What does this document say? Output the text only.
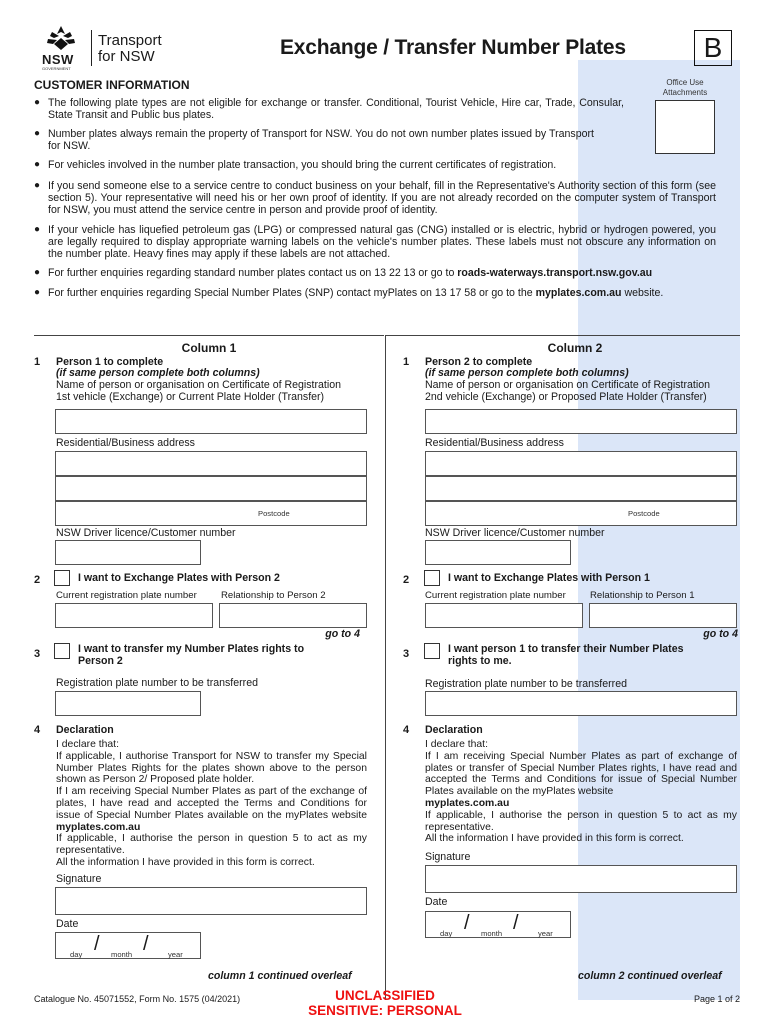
NSW
GOVERNMENT
Transport
for NSW	Exchange / Transfer Number Plates	B
CUSTOMER INFORMATION	Office Use
Attachments
● The following plate types are not eligible for exchange or transfer. Conditional, Tourist Vehicle, Hire car, Trade, Consular, State Transit and Public bus plates.
● Number plates always remain the property of Transport for NSW. You do not own number plates issued by Transport for NSW.
● For vehicles involved in the number plate transaction, you should bring the current certificates of registration.
● If you send someone else to a service centre to conduct business on your behalf, fill in the Representative's Authority section of this form (see section 5). Your representative will need his or her own proof of identity. If you are not already recorded on the computer system of Transport for NSW, you must attend the service centre in person and provide proof of identity.
● If your vehicle has liquefied petroleum gas (LPG) or compressed natural gas (CNG) installed or is electric, hybrid or hydrogen powered, you are legally required to display appropriate warning labels on the vehicle's number plates. These labels must not obscure any information on the number plate. Heavy fines may apply if these labels are not attached.
● For further enquiries regarding standard number plates contact us on 13 22 13 or go to roads-waterways.transport.nsw.gov.au
● For further enquiries regarding Special Number Plates (SNP) contact myPlates on 13 17 58 or go to the myplates.com.au website.
Column 1	Column 2
1 Person 1 to complete
(if same person complete both columns)
Name of person or organisation on Certificate of Registration
1st vehicle (Exchange) or Current Plate Holder (Transfer)
Residential/Business address
Postcode
NSW Driver licence/Customer number
2	I want to Exchange Plates with Person 2
Current registration plate number	Relationship to Person 2
go to 4
3	I want to transfer my Number Plates rights to
Person 2
Registration plate number to be transferred
4 Declaration
I declare that:
If applicable, I authorise Transport for NSW to transfer my Special Number Plates Rights for the plates shown above to the person shown as Person 2/ Proposed plate holder.
If I am receiving Special Number Plates as part of the exchange of plates, I have read and accepted the Terms and Conditions for issue of Special Number Plates available on the myPlates website myplates.com.au
If applicable, I authorise the person in question 5 to act as my representative.
All the information I have provided in this form is correct.
Signature
Date
/ /
day	month	year
column 1 continued overleaf
1 Person 2 to complete
(if same person complete both columns)
Name of person or organisation on Certificate of Registration
2nd vehicle (Exchange) or Proposed Plate Holder (Transfer)
Residential/Business address
Postcode
NSW Driver licence/Customer number
2	I want to Exchange Plates with Person 1
Current registration plate number	Relationship to Person 1
go to 4
3	I want person 1 to transfer their Number Plates
rights to me.
Registration plate number to be transferred
4 Declaration
I declare that:
If I am receiving Special Number Plates as part of exchange of plates or transfer of Special Number Plates rights, I have read and accepted the Terms and Conditions for issue of Special Number Plates available on the myPlates website
myplates.com.au
If applicable, I authorise the person in question 5 to act as my representative.
All the information I have provided in this form is correct.
Signature
Date
/ /
day	month	year
column 2 continued overleaf
Catalogue No. 45071552, Form No. 1575 (04/2021)	UNCLASSIFIED
SENSITIVE: PERSONAL
Page 1 of 2
